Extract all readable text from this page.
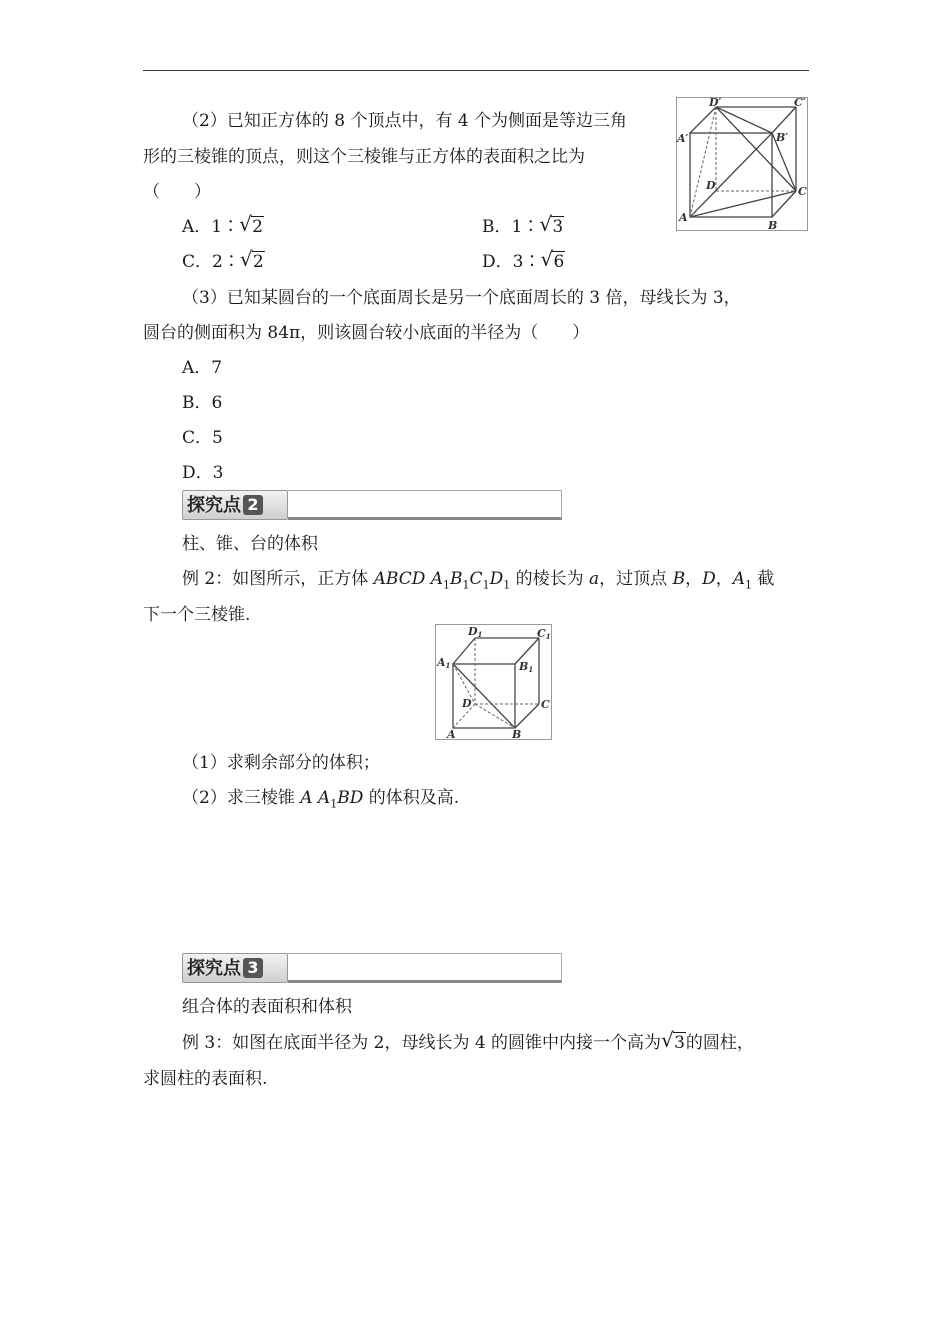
（2）已知正方体的 8 个顶点中，有 4 个为侧面是等边三角
形的三棱锥的顶点，则这个三棱锥与正方体的表面积之比为
（　　）
A．1∶ √ 2	B．1∶ √ 3
C．2∶ √ 2	D．3∶ √ 6
D′	C′
A′	B′
D	C
A
B
（3）已知某圆台的一个底面周长是另一个底面周长的 3 倍，母线长为 3，
圆台的侧面积为 84π，则该圆台较小底面的半径为（　　）
A．7
B．6
C．5
D．3
探究点 2
柱、锥、台的体积
例 2：如图所示，正方体 ABCD $A_1B_1C_1D_1$ 的棱长为 a，过顶点 B，D，$A_1$ 截
下一个三棱锥.
D1	C1
A1	B1
D	C
A	B
（1）求剩余部分的体积；
（2）求三棱锥 A $A_1BD$ 的体积及高.
探究点 3
组合体的表面积和体积
例 3：如图在底面半径为 2，母线长为 4 的圆锥中内接一个高为 √ 3的圆柱，
求圆柱的表面积.
